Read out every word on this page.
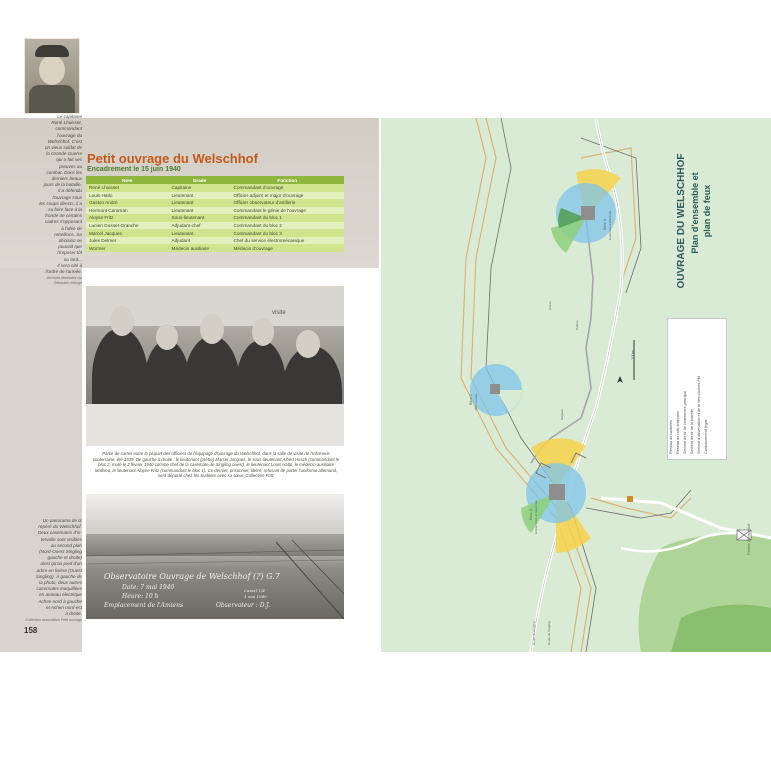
Le capitaine
René Lhuisset,
commandant
l'ouvrage du
Welschhof. C'est
un vieux soldat de
la Grande Guerre
qui a fait ses
preuves au
combat. Dans les
derniers beaux
jours de la bataille,
il a défendu
l'ouvrage sous
les coups directs, il a
su faire face à la
fronde de certains
cadres s'opposant
à l'idée de
rebellions. Sa
décision ne
pouvait que
l'imposer tôt
ou tard...
Il sera cité à
l'ordre de l'armée.

Archives familiales via
Sébastien Arbogé

Un panorama de tir
repéré du Welschhof.
Deux casemates d'in-
tervalle sont visibles
au second plan
(Nord-Ouest Singling
gauche et droite)
ainsi qu'au pied d'un
arbre en lisière (Ouest
Singling). À gauche de
la photo, deux autres
casemates maquillées
en anneau électrique
Achen nord à gauche
et Achen nord-est
à droite.

Collection association Petit ouvrage

Petit ouvrage du Welschhof
Encadrement le 15 juin 1940
Nom	Grade	Fonction
René Lhuisset	Capitaine	Commandant d'ouvrage
Louis Hatlo	Lieutenant	Officier adjoint et major d'ouvrage
Gaston André	Lieutenant	Officier observateur d'artillerie
Hermont Caraman	Lieutenant	Commandant le génie de l'ouvrage
Aloyse Fritz	Sous-lieutenant	Commandant du bloc 1
Lucien Gosset-Granche	Adjudant-chef	Commandant du bloc 2
Marcel Jacques	Lieutenant	Commandant du bloc 3
Jules Delmer	Adjudant	Chef du service électromécanique
Wormer	Médecin auxiliaire	Médecin d'ouvrage
visite
Partie de cartes entre la plupart des officiers de l'équipage d'ouvrage du Welschhof, dans la salle de visite de l'infirmerie souterraine, été 1939. De gauche à droite : le lieutenant (prêtre) Marcel Jacques, le sous-lieutenant Albert Hirsch (commandant le bloc 2, muté le 2 février 1940 comme chef de la casemate de Singling ouest), le lieutenant Louis Hatlo, le médecin-auxiliaire Mathieu, le lieutenant Aloyse Fritz (commandant le bloc 1). Ce dernier, prisonnier, libéré, refusant de porter l'uniforme allemand, sera déporté chez les Sudètes avec sa sœur. Collection Fritz
Observatoire Ouvrage de Welschhof (?) G.7
Date: 7 mai 1940
Heure: 10 h
Emplacement de l'Amiens	Observateur : D.J.
Cassel 1/4
1 mai 1940
158
OUVRAGE DU WELSCHHOF Plan d'ensemble et plan de feux
Réseau de barbelés Réseau de rails antichars Secteur de tir de l'armement principal Secteur de tir de la tourelle Secteur d'observation et de tir des cloches FM Cantonnement léger
Bloc 3 Casemate d'infanterie
Bloc 2 Bloc tourelle
Bloc 1 Entrée mixte et casemate
Ferme Welschhof
100m
Route de Singling	Route de Singling
Magasin
Galerie
Entrée
